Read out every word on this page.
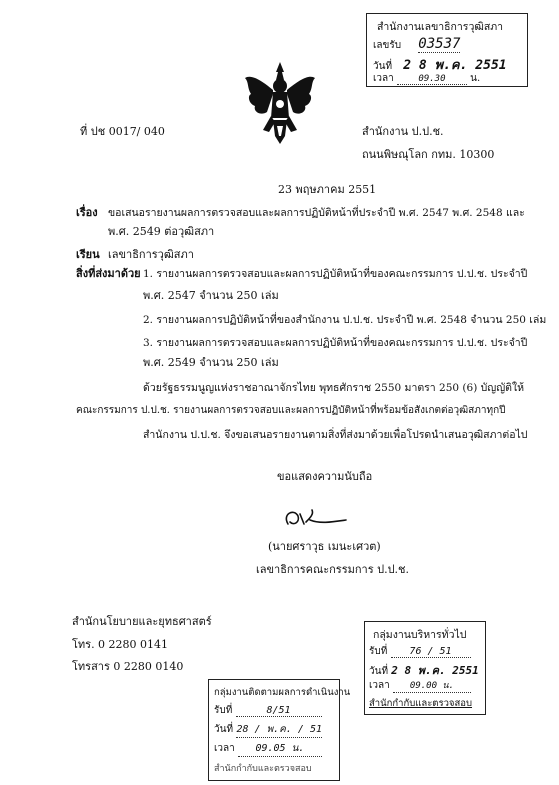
สำนักงานเลขาธิการวุฒิสภา
เลขรับ 03537
วันที่ 2 8 พ.ค. 2551
เวลา	09.30 น.
ที่ ปช 0017/ 040	สำนักงาน ป.ป.ช.
ถนนพิษณุโลก กทม. 10300
23 พฤษภาคม 2551
เรื่อง ขอเสนอรายงานผลการตรวจสอบและผลการปฏิบัติหน้าที่ประจำปี พ.ศ. 2547 พ.ศ. 2548 และ
พ.ศ. 2549 ต่อวุฒิสภา
เรียน เลขาธิการวุฒิสภา
สิ่งที่ส่งมาด้วย 1. รายงานผลการตรวจสอบและผลการปฏิบัติหน้าที่ของคณะกรรมการ ป.ป.ช. ประจำปี
พ.ศ. 2547 จำนวน 250 เล่ม
2. รายงานผลการปฏิบัติหน้าที่ของสำนักงาน ป.ป.ช. ประจำปี พ.ศ. 2548 จำนวน 250 เล่ม
3. รายงานผลการตรวจสอบและผลการปฏิบัติหน้าที่ของคณะกรรมการ ป.ป.ช. ประจำปี
พ.ศ. 2549 จำนวน 250 เล่ม
ด้วยรัฐธรรมนูญแห่งราชอาณาจักรไทย พุทธศักราช 2550 มาตรา 250 (6) บัญญัติให้
คณะกรรมการ ป.ป.ช. รายงานผลการตรวจสอบและผลการปฏิบัติหน้าที่พร้อมข้อสังเกตต่อวุฒิสภาทุกปี
สำนักงาน ป.ป.ช. จึงขอเสนอรายงานตามสิ่งที่ส่งมาด้วยเพื่อโปรดนำเสนอวุฒิสภาต่อไป
ขอแสดงความนับถือ
(นายศราวุธ เมนะเศวต)
เลขาธิการคณะกรรมการ ป.ป.ช.
สำนักนโยบายและยุทธศาสตร์
โทร. 0 2280 0141
โทรสาร 0 2280 0140
กลุ่มงานบริหารทั่วไป
รับที่ 76 / 51
วันที่ 2 8 พ.ค. 2551
เวลา 09.00 น.
สำนักกำกับและตรวจสอบ
กลุ่มงานติดตามผลการดำเนินงาน
รับที่	8/51
วันที่ 28 / พ.ค. / 51
เวลา 09.05 น.
สำนักกำกับและตรวจสอบ
